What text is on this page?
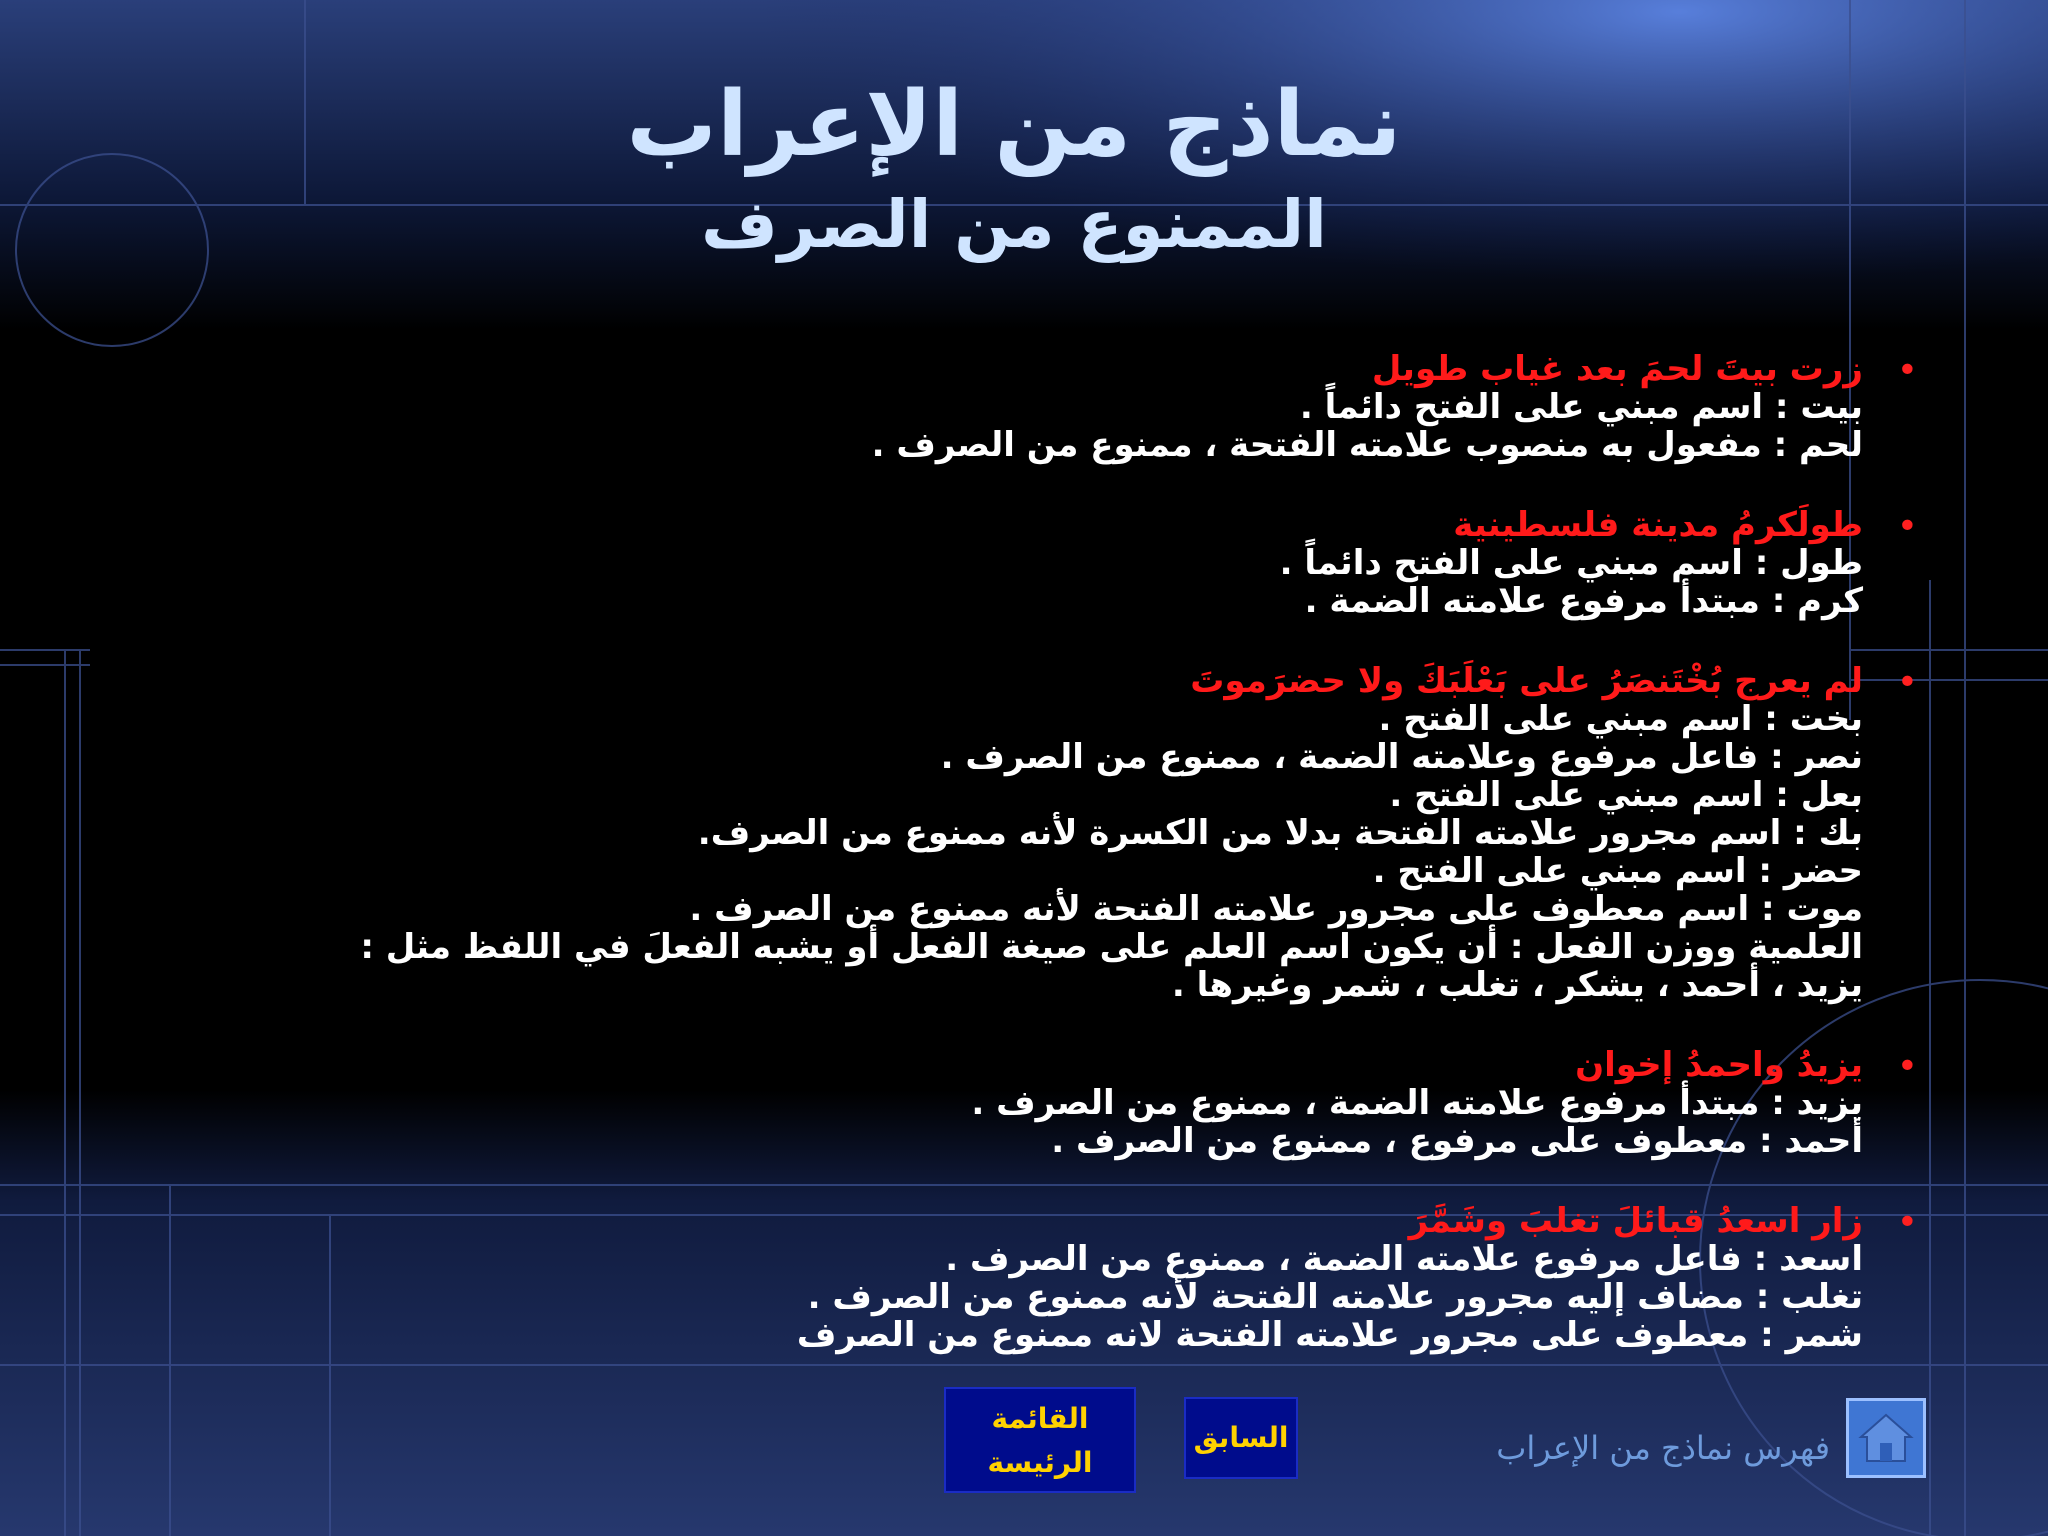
نماذج من الإعراب
الممنوع من الصرف
•
زرت بيتَ لحمَ بعد غياب طويل
بيت : اسم مبني على الفتح دائماً .
لحم : مفعول به منصوب علامته الفتحة ، ممنوع من الصرف .
•
طولَكرمُ مدينة فلسطينية
طول : اسم مبني على الفتح دائماً .
كرم : مبتدأ مرفوع علامته الضمة .
•
لم يعرج بُخْتَنصَرُ على بَعْلَبَكَ ولا حضرَموتَ
بخت : اسم مبني على الفتح .
نصر : فاعل مرفوع وعلامته الضمة ، ممنوع من الصرف .
بعل : اسم مبني على الفتح .
بك : اسم مجرور علامته الفتحة بدلا من الكسرة لأنه ممنوع من الصرف.
حضر : اسم مبني على الفتح .
موت : اسم معطوف على مجرور علامته الفتحة لأنه ممنوع من الصرف .
العلمية ووزن الفعل : أن يكون اسم العلم على صيغة الفعل أو يشبه الفعلَ في اللفظ مثل :
يزيد ، أحمد ، يشكر ، تغلب ، شمر وغيرها .
•
يزيدُ واحمدُ إخوان
يزيد : مبتدأ مرفوع علامته الضمة ، ممنوع من الصرف .
أحمد : معطوف على مرفوع ، ممنوع من الصرف .
•
زار اسعدُ قبائلَ تغلبَ وشَمَّرَ
اسعد : فاعل مرفوع علامته الضمة ، ممنوع من الصرف .
تغلب : مضاف إليه مجرور علامته الفتحة لأنه ممنوع من الصرف .
شمر : معطوف على مجرور علامته الفتحة لانه ممنوع من الصرف
القائمة
الرئيسة
السابق	فهرس نماذج من الإعراب
